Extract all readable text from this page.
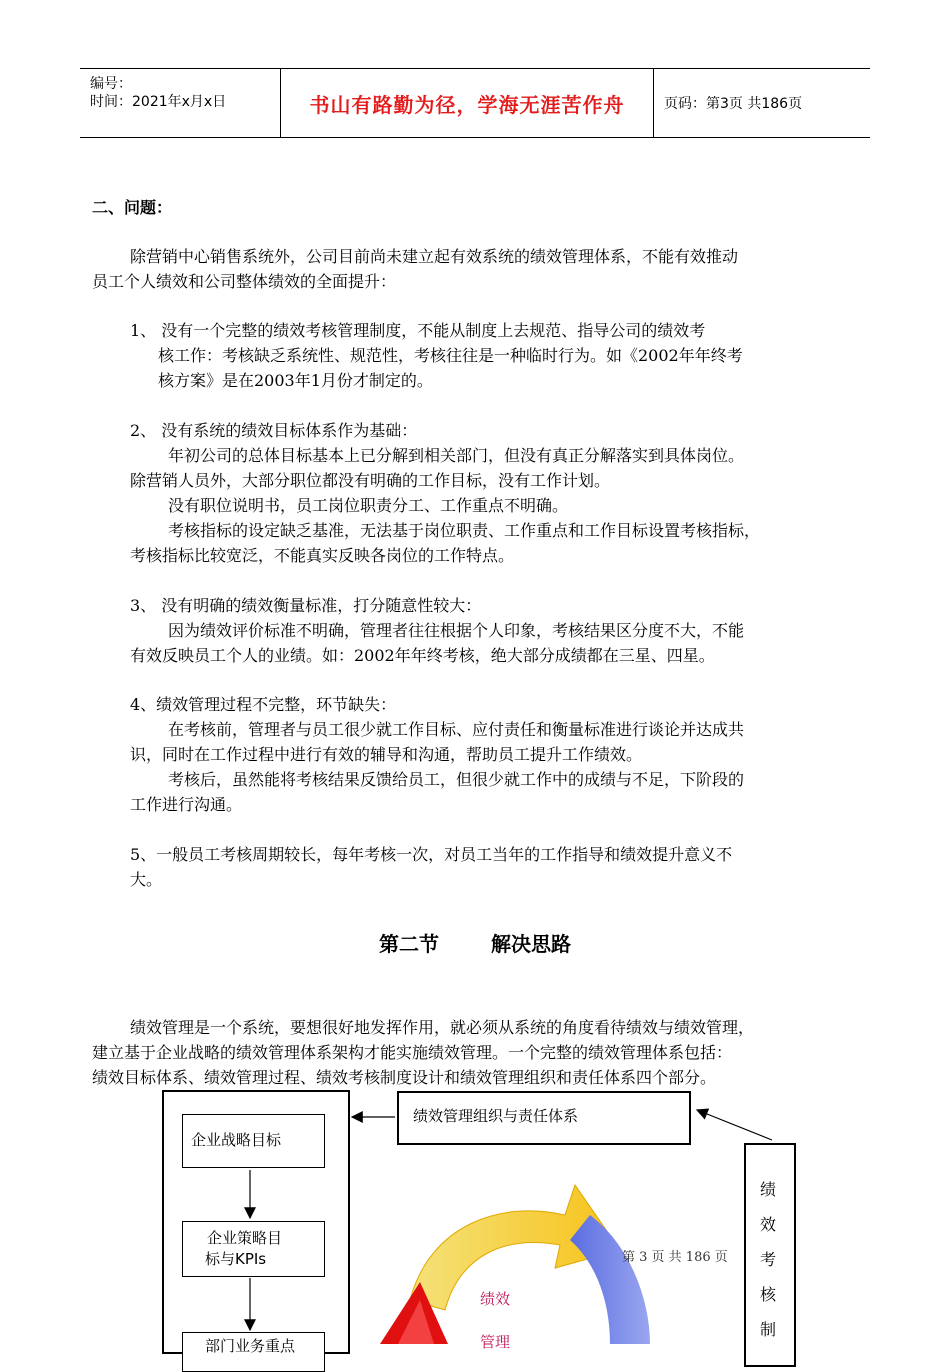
编号：
时间：2021年x月x日	书山有路勤为径，学海无涯苦作舟	页码：第3页 共186页
二、问题：
除营销中心销售系统外，公司目前尚未建立起有效系统的绩效管理体系，不能有效推动
员工个人绩效和公司整体绩效的全面提升：
1、 没有一个完整的绩效考核管理制度，不能从制度上去规范、指导公司的绩效考
核工作：考核缺乏系统性、规范性，考核往往是一种临时行为。如《2002年年终考
核方案》是在2003年1月份才制定的。
2、 没有系统的绩效目标体系作为基础：
年初公司的总体目标基本上已分解到相关部门，但没有真正分解落实到具体岗位。
除营销人员外，大部分职位都没有明确的工作目标，没有工作计划。
没有职位说明书，员工岗位职责分工、工作重点不明确。
考核指标的设定缺乏基准，无法基于岗位职责、工作重点和工作目标设置考核指标，
考核指标比较宽泛，不能真实反映各岗位的工作特点。
3、 没有明确的绩效衡量标准，打分随意性较大：
因为绩效评价标准不明确，管理者往往根据个人印象，考核结果区分度不大，不能
有效反映员工个人的业绩。如：2002年年终考核，绝大部分成绩都在三星、四星。
4、绩效管理过程不完整，环节缺失：
在考核前，管理者与员工很少就工作目标、应付责任和衡量标准进行谈论并达成共
识，同时在工作过程中进行有效的辅导和沟通，帮助员工提升工作绩效。
考核后，虽然能将考核结果反馈给员工，但很少就工作中的成绩与不足，下阶段的
工作进行沟通。
5、一般员工考核周期较长，每年考核一次，对员工当年的工作指导和绩效提升意义不
大。
第二节	解决思路
绩效管理是一个系统，要想很好地发挥作用，就必须从系统的角度看待绩效与绩效管理，
建立基于企业战略的绩效管理体系架构才能实施绩效管理。一个完整的绩效管理体系包括：
绩效目标体系、绩效管理过程、绩效考核制度设计和绩效管理组织和责任体系四个部分。
企业战略目标
企业策略目
标与KPIs
部门业务重点
绩效管理组织与责任体系
绩
效
考
核
制
绩效
管理
第 3 页 共 186 页
